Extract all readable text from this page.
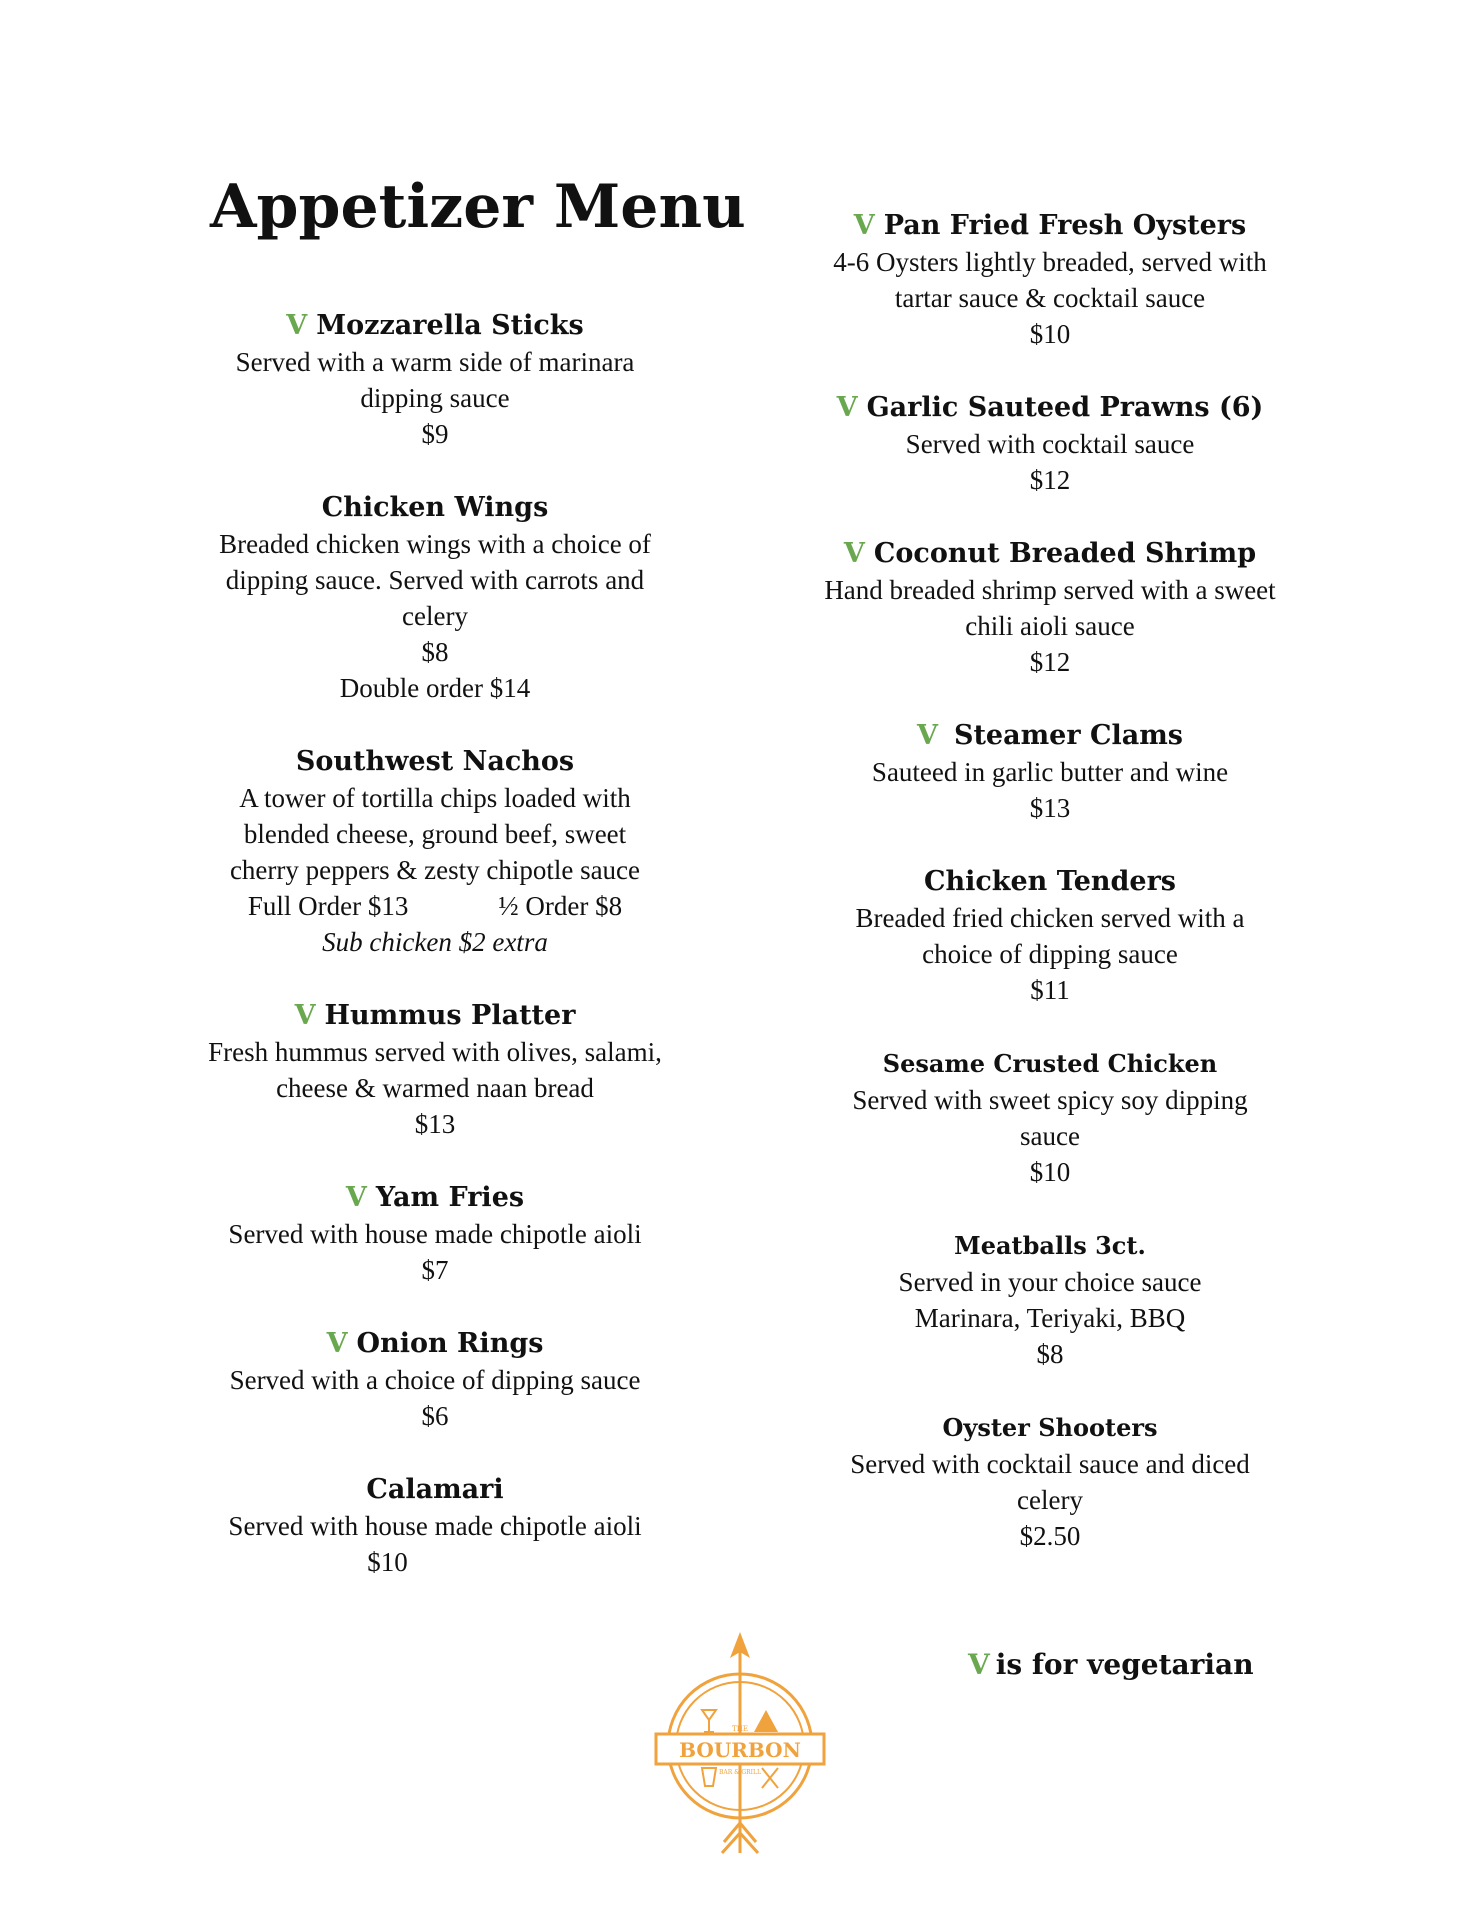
Appetizer Menu
V Mozzarella Sticks
Served with a warm side of marinara
dipping sauce
$9
Chicken Wings
Breaded chicken wings with a choice of
dipping sauce. Served with carrots and
celery
$8
Double order $14
Southwest Nachos
A tower of tortilla chips loaded with
blended cheese, ground beef, sweet
cherry peppers & zesty chipotle sauce
Full Order $13	½ Order $8
Sub chicken $2 extra
V Hummus Platter
Fresh hummus served with olives, salami,
cheese & warmed naan bread
$13
V Yam Fries
Served with house made chipotle aioli
$7
V Onion Rings
Served with a choice of dipping sauce
$6
Calamari
Served with house made chipotle aioli
$10
V Pan Fried Fresh Oysters
4-6 Oysters lightly breaded, served with
tartar sauce & cocktail sauce
$10
V Garlic Sauteed Prawns (6)
Served with cocktail sauce
$12
V Coconut Breaded Shrimp
Hand breaded shrimp served with a sweet
chili aioli sauce
$12
V Steamer Clams
Sauteed in garlic butter and wine
$13
Chicken Tenders
Breaded fried chicken served with a
choice of dipping sauce
$11
Sesame Crusted Chicken
Served with sweet spicy soy dipping
sauce
$10
Meatballs 3ct.
Served in your choice sauce
Marinara, Teriyaki, BBQ
$8
Oyster Shooters
Served with cocktail sauce and diced
celery
$2.50
V is for vegetarian
THE
BOURBON
BAR & GRILL
